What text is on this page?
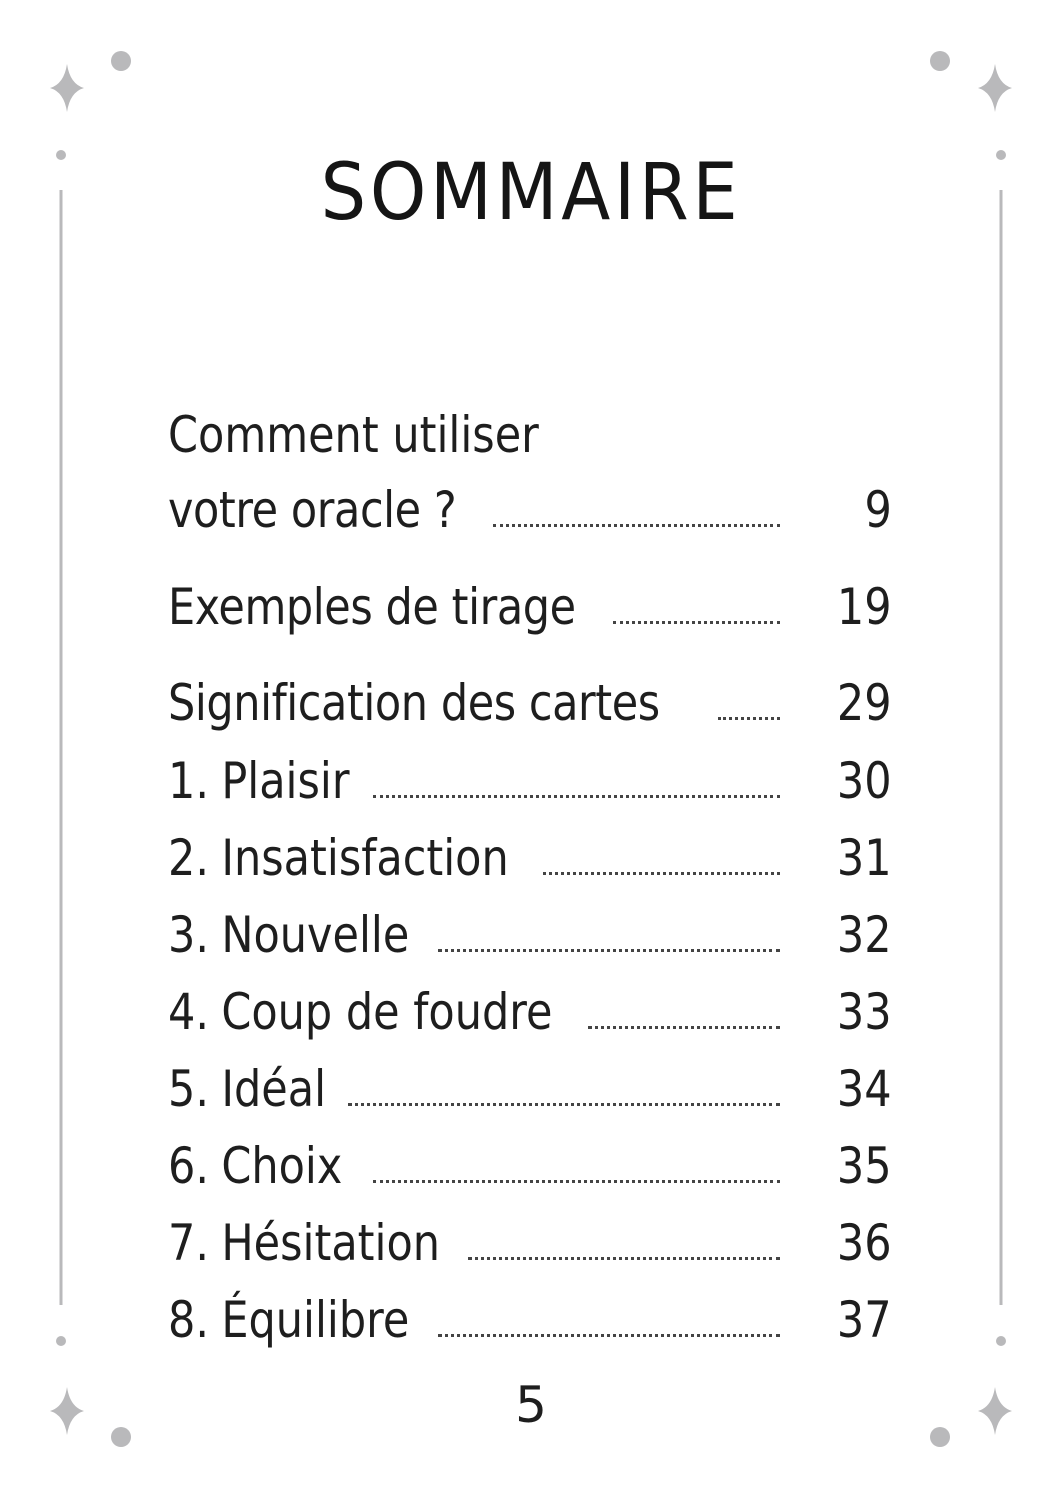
SOMMAIRE
Comment utiliser
votre oracle ?	9
Exemples de tirage	19
Signification des cartes	29
1. Plaisir	30
2. Insatisfaction	31
3. Nouvelle	32
4. Coup de foudre	33
5. Idéal	34
6. Choix	35
7. Hésitation	36
8. Équilibre	37
5
